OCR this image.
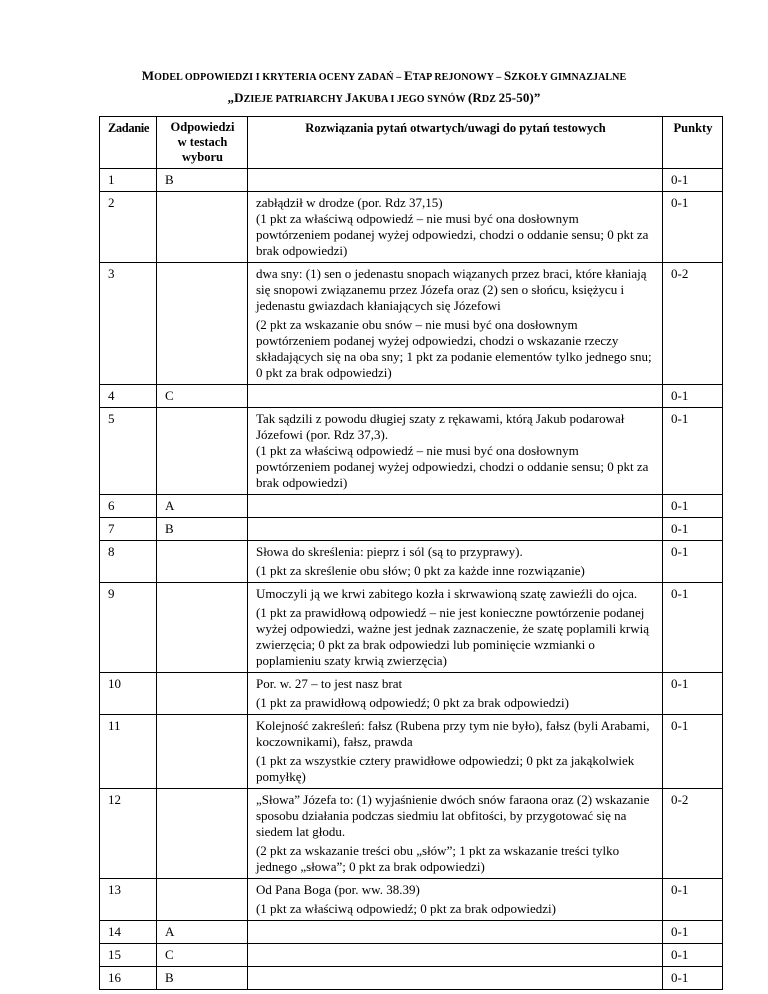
MODEL ODPOWIEDZI I KRYTERIA OCENY ZADAŃ – ETAP REJONOWY – SZKOŁY GIMNAZJALNE
„DZIEJE PATRIARCHY JAKUBA I JEGO SYNÓW (RDZ 25-50)”
Zadanie	Odpowiedzi w testach wyboru	Rozwiązania pytań otwartych/uwagi do pytań testowych	Punkty
1	B		0-1
2		zabłądził w drodze (por. Rdz 37,15)
(1 pkt za właściwą odpowiedź – nie musi być ona dosłownym powtórzeniem podanej wyżej odpowiedzi, chodzi o oddanie sensu; 0 pkt za brak odpowiedzi)	0-1
3		dwa sny: (1) sen o jedenastu snopach wiązanych przez braci, które kłaniają się snopowi związanemu przez Józefa oraz (2) sen o słońcu, księżycu i jedenastu gwiazdach kłaniających się Józefowi

(2 pkt za wskazanie obu snów – nie musi być ona dosłownym powtórzeniem podanej wyżej odpowiedzi, chodzi o wskazanie rzeczy składających się na oba sny; 1 pkt za podanie elementów tylko jednego snu; 0 pkt za brak odpowiedzi)	0-2
4	C		0-1
5		Tak sądzili z powodu długiej szaty z rękawami, którą Jakub podarował Józefowi (por. Rdz 37,3).
(1 pkt za właściwą odpowiedź – nie musi być ona dosłownym powtórzeniem podanej wyżej odpowiedzi, chodzi o oddanie sensu; 0 pkt za brak odpowiedzi)	0-1
6	A		0-1
7	B		0-1
8		Słowa do skreślenia: pieprz i sól (są to przyprawy).

(1 pkt za skreślenie obu słów; 0 pkt za każde inne rozwiązanie)	0-1
9		Umoczyli ją we krwi zabitego kozła i skrwawioną szatę zawieźli do ojca.

(1 pkt za prawidłową odpowiedź – nie jest konieczne powtórzenie podanej wyżej odpowiedzi, ważne jest jednak zaznaczenie, że szatę poplamili krwią zwierzęcia; 0 pkt za brak odpowiedzi lub pominięcie wzmianki o poplamieniu szaty krwią zwierzęcia)	0-1
10		Por. w. 27 – to jest nasz brat

(1 pkt za prawidłową odpowiedź; 0 pkt za brak odpowiedzi)	0-1
11		Kolejność zakreśleń: fałsz (Rubena przy tym nie było), fałsz (byli Arabami, koczownikami), fałsz, prawda

(1 pkt za wszystkie cztery prawidłowe odpowiedzi; 0 pkt za jakąkolwiek pomyłkę)	0-1
12		„Słowa” Józefa to: (1) wyjaśnienie dwóch snów faraona oraz (2) wskazanie sposobu działania podczas siedmiu lat obfitości, by przygotować się na siedem lat głodu.

(2 pkt za wskazanie treści obu „słów”; 1 pkt za wskazanie treści tylko jednego „słowa”; 0 pkt za brak odpowiedzi)	0-2
13		Od Pana Boga (por. ww. 38.39)

(1 pkt za właściwą odpowiedź; 0 pkt za brak odpowiedzi)	0-1
14	A		0-1
15	C		0-1
16	B		0-1
